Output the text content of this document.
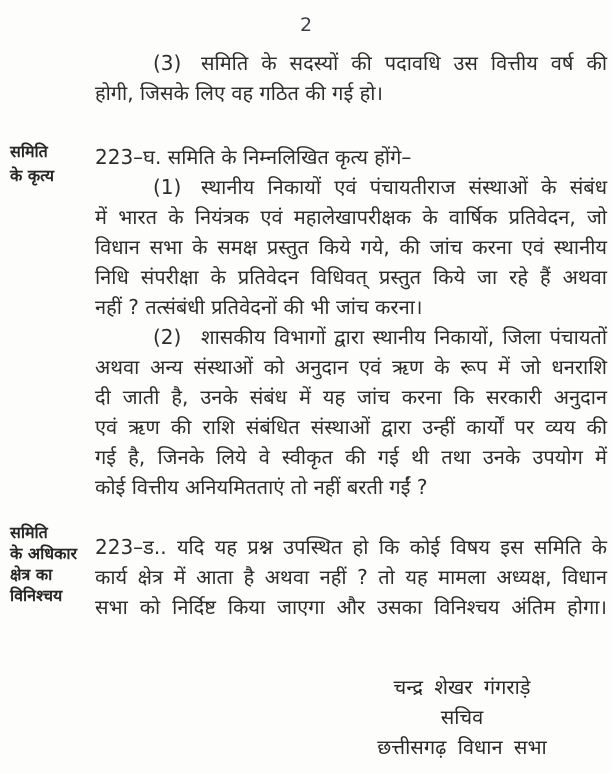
2
समिति
के कृत्य
समिति
के अधिकार
क्षेत्र का
विनिश्चय
(3) समिति के सदस्यों की पदावधि उस वित्तीय वर्ष की
होगी, जिसके लिए वह गठित की गई हो।
223–घ. समिति के निम्नलिखित कृत्य होंगे–
(1) स्थानीय निकायों एवं पंचायतीराज संस्थाओं के संबंध
में भारत के नियंत्रक एवं महालेखापरीक्षक के वार्षिक प्रतिवेदन, जो
विधान सभा के समक्ष प्रस्तुत किये गये, की जांच करना एवं स्थानीय
निधि संपरीक्षा के प्रतिवेदन विधिवत् प्रस्तुत किये जा रहे हैं अथवा
नहीं ? तत्संबंधी प्रतिवेदनों की भी जांच करना।
(2) शासकीय विभागों द्वारा स्थानीय निकायों, जिला पंचायतों
अथवा अन्य संस्थाओं को अनुदान एवं ऋण के रूप में जो धनराशि
दी जाती है, उनके संबंध में यह जांच करना कि सरकारी अनुदान
एवं ऋण की राशि संबंधित संस्थाओं द्वारा उन्हीं कार्यों पर व्यय की
गई है, जिनके लिये वे स्वीकृत की गई थी तथा उनके उपयोग में
कोई वित्तीय अनियमितताएं तो नहीं बरती गईं ?
223–ड.. यदि यह प्रश्न उपस्थित हो कि कोई विषय इस समिति के
कार्य क्षेत्र में आता है अथवा नहीं ? तो यह मामला अध्यक्ष, विधान
सभा को निर्दिष्ट किया जाएगा और उसका विनिश्चय अंतिम होगा।
चन्द्र शेखर गंगराड़े
सचिव
छत्तीसगढ़ विधान सभा
